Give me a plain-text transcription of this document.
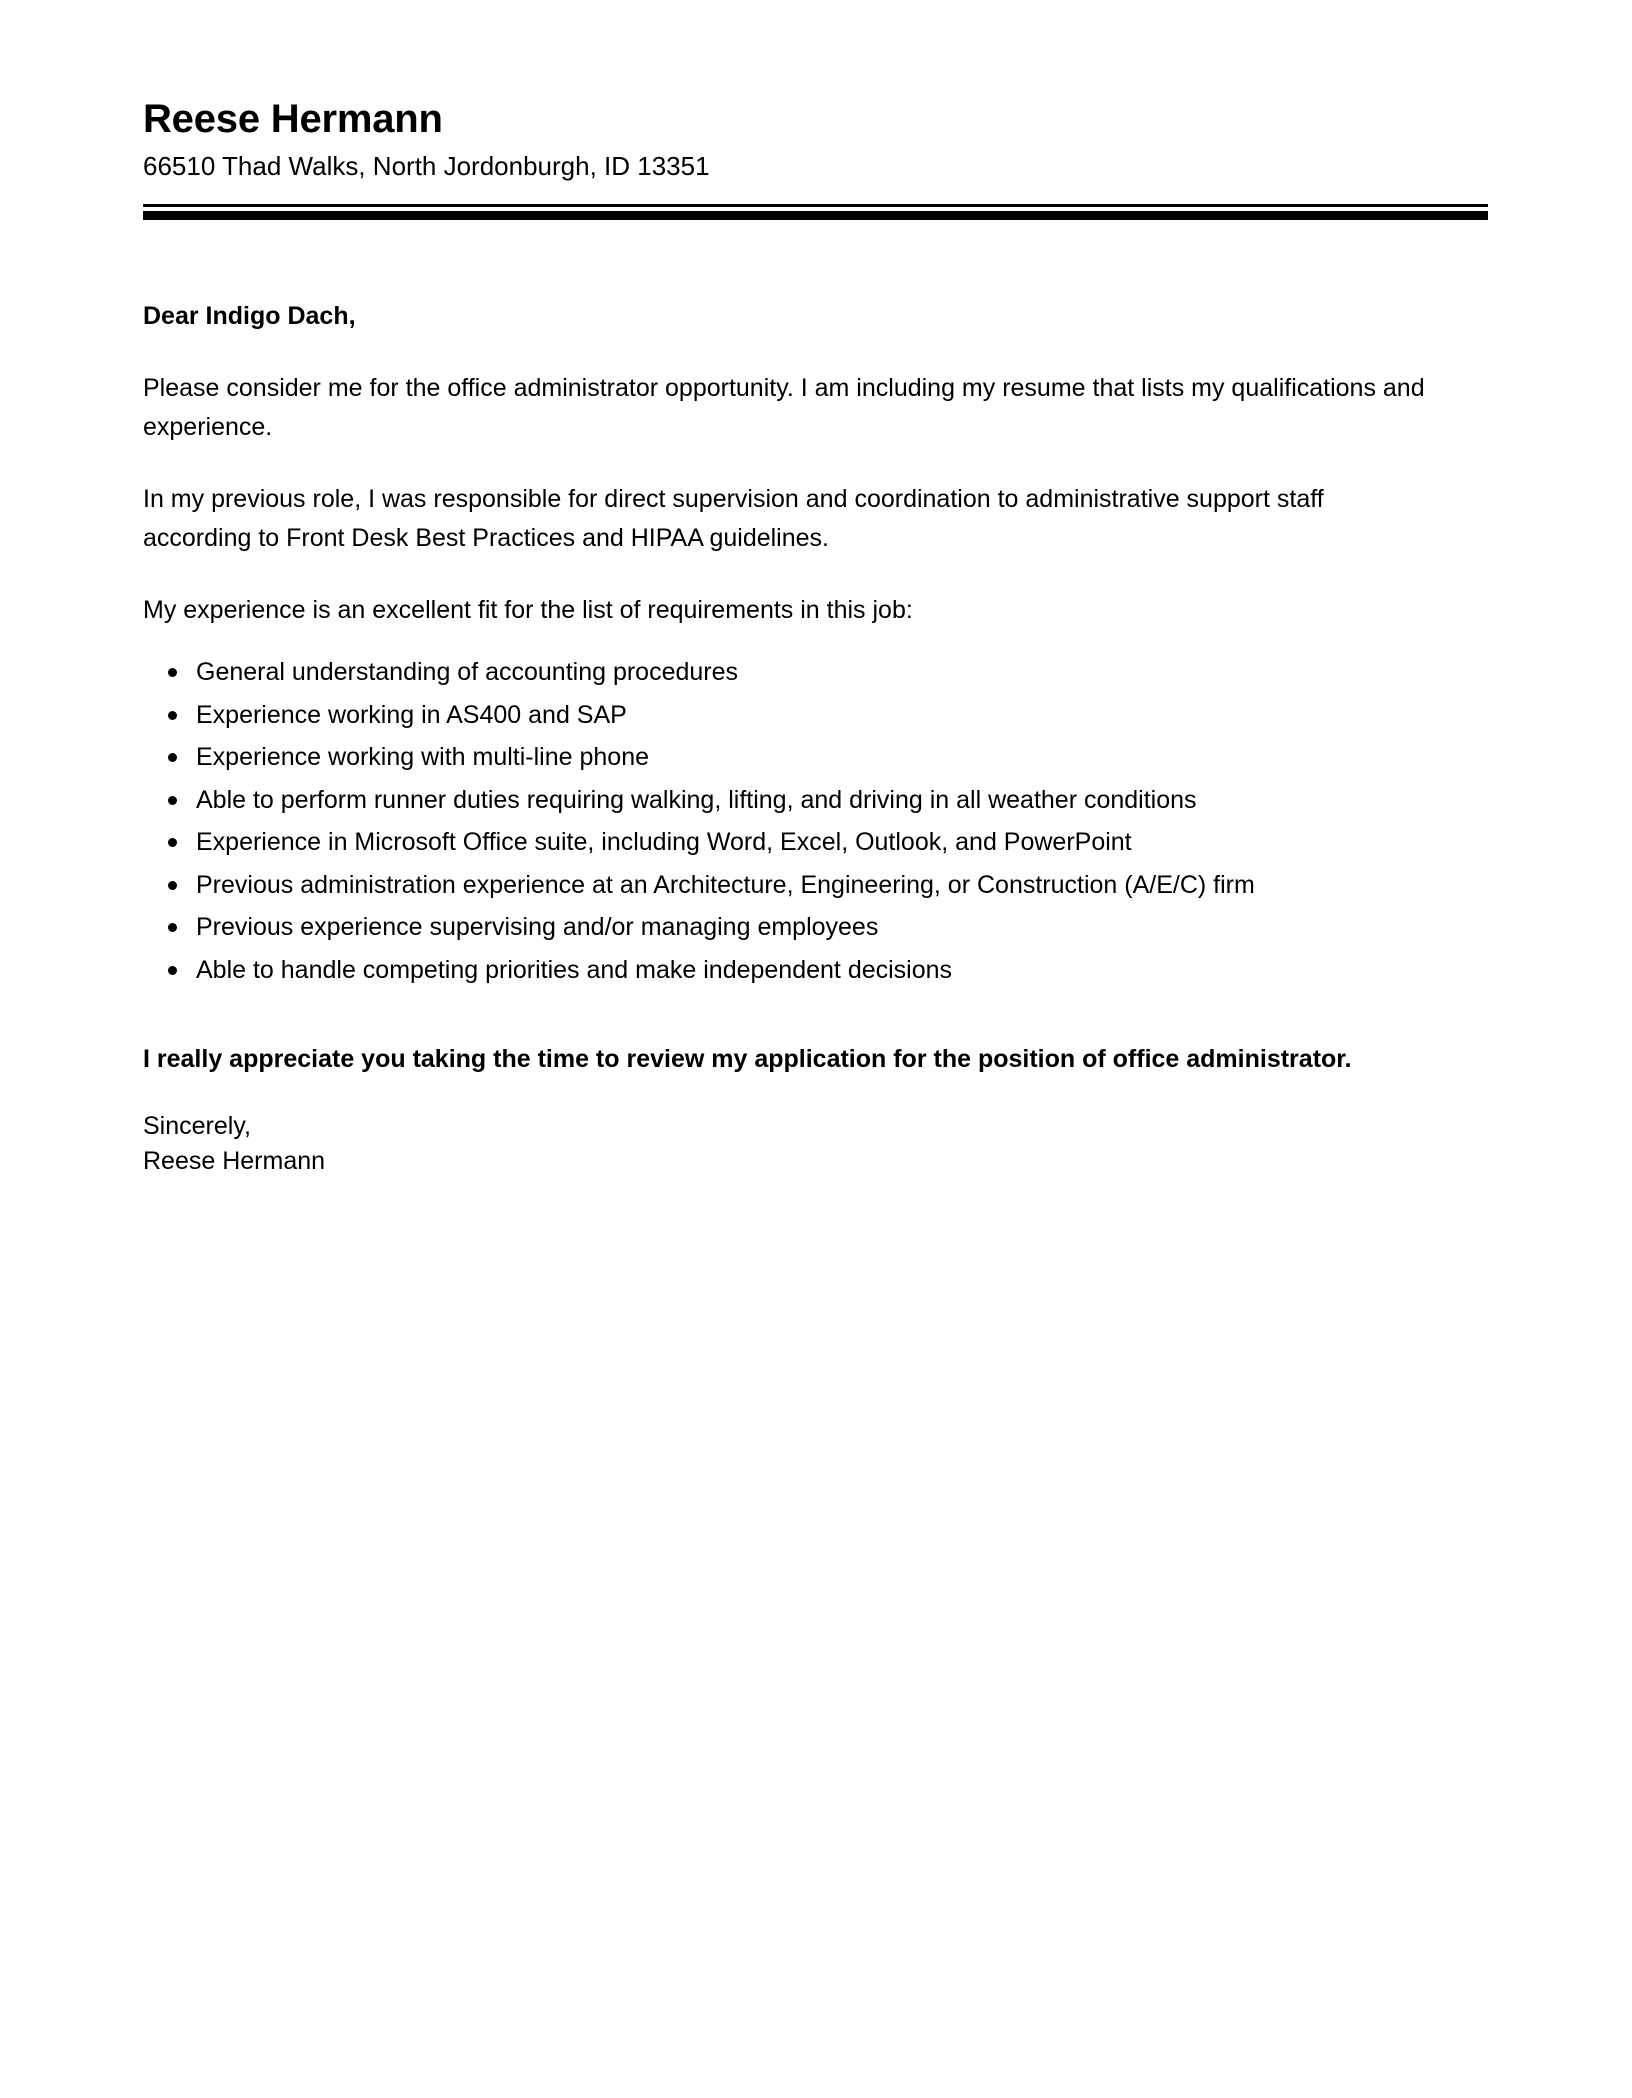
Reese Hermann
66510 Thad Walks, North Jordonburgh, ID 13351

Dear Indigo Dach,

Please consider me for the office administrator opportunity. I am including my resume that lists my qualifications and experience.

In my previous role, I was responsible for direct supervision and coordination to administrative support staff according to Front Desk Best Practices and HIPAA guidelines.

My experience is an excellent fit for the list of requirements in this job:

General understanding of accounting procedures
Experience working in AS400 and SAP
Experience working with multi-line phone
Able to perform runner duties requiring walking, lifting, and driving in all weather conditions
Experience in Microsoft Office suite, including Word, Excel, Outlook, and PowerPoint
Previous administration experience at an Architecture, Engineering, or Construction (A/E/C) firm
Previous experience supervising and/or managing employees
Able to handle competing priorities and make independent decisions

I really appreciate you taking the time to review my application for the position of office administrator.

Sincerely,
Reese Hermann
